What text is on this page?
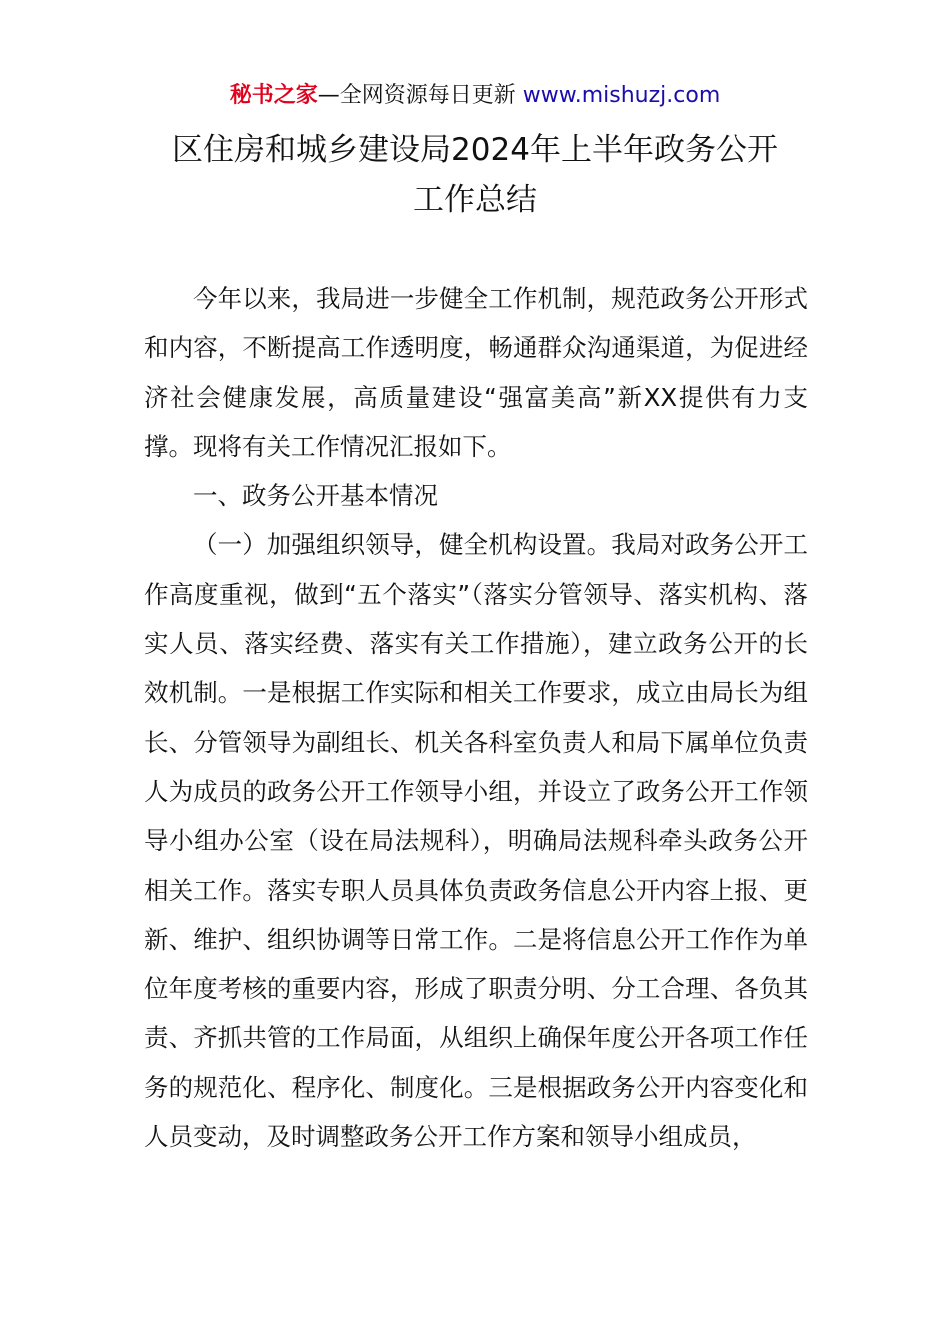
秘书之家—全网资源每日更新 www.mishuzj.com
区住房和城乡建设局2024年上半年政务公开
工作总结

今年以来，我局进一步健全工作机制，规范政务公开形式和内容，不断提高工作透明度，畅通群众沟通渠道，为促进经济社会健康发展，高质量建设“强富美高”新XX提供有力支撑。现将有关工作情况汇报如下。

一、政务公开基本情况

（一）加强组织领导，健全机构设置。我局对政务公开工作高度重视，做到“五个落实”（落实分管领导、落实机构、落实人员、落实经费、落实有关工作措施），建立政务公开的长效机制。一是根据工作实际和相关工作要求，成立由局长为组长、分管领导为副组长、机关各科室负责人和局下属单位负责人为成员的政务公开工作领导小组，并设立了政务公开工作领导小组办公室（设在局法规科），明确局法规科牵头政务公开相关工作。落实专职人员具体负责政务信息公开内容上报、更新、维护、组织协调等日常工作。二是将信息公开工作作为单位年度考核的重要内容，形成了职责分明、分工合理、各负其责、齐抓共管的工作局面，从组织上确保年度公开各项工作任务的规范化、程序化、制度化。三是根据政务公开内容变化和人员变动，及时调整政务公开工作方案和领导小组成员，
